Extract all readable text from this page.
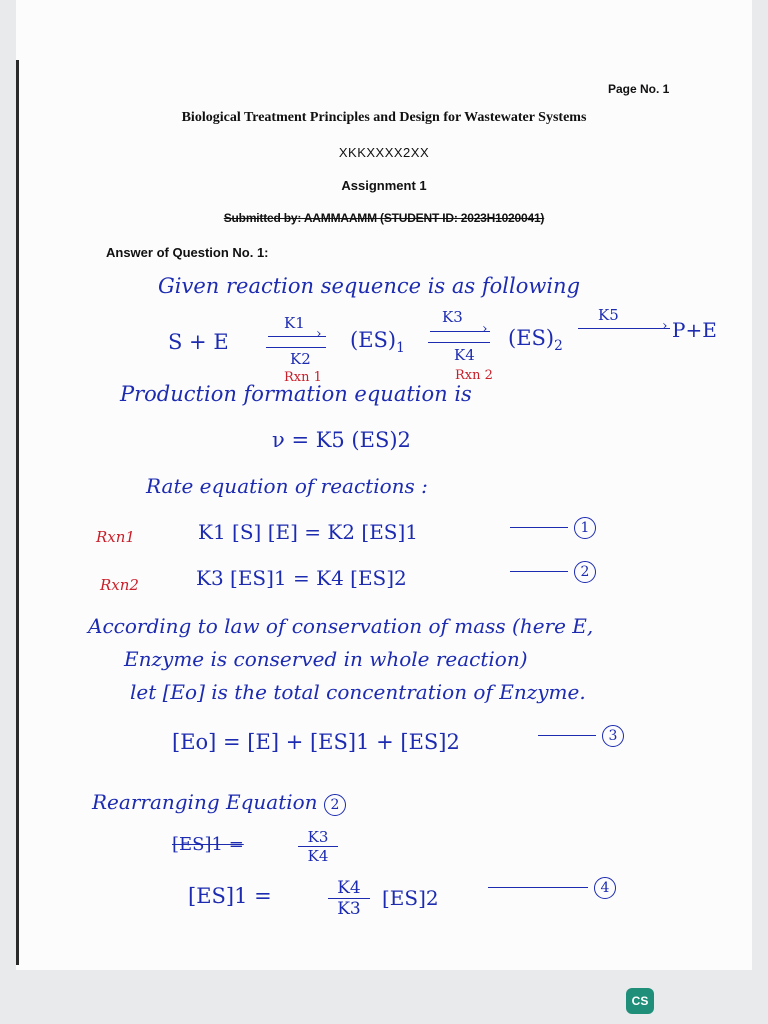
Page No. 1
Biological Treatment Principles and Design for Wastewater Systems
XKKXXXX2XX
Assignment 1
Submitted by: AAMMAAMM (STUDENT ID: 2023H1020041)
Answer of Question No. 1:
Given reaction sequence is as following
S + E
K1
›
K2
Rxn 1
$(ES)_1$
K3
›
K4
Rxn 2
$(ES)_2$
K5
› P+E
Production formation equation is
ν = K5 (ES)2
Rate equation of reactions :
Rxn1	K1 [S] [E] = K2 [ES]1	1
Rxn2	K3 [ES]1 = K4 [ES]2	2
According to law of conservation of mass (here E,
Enzyme is conserved in whole reaction)
let [Eo] is the total concentration of Enzyme.
[Eo] = [E] + [ES]1 + [ES]2	3
Rearranging Equation 2
[ES]1 =	K3
K4
[ES]1 =	K4
K3	[ES]2	4
CS
